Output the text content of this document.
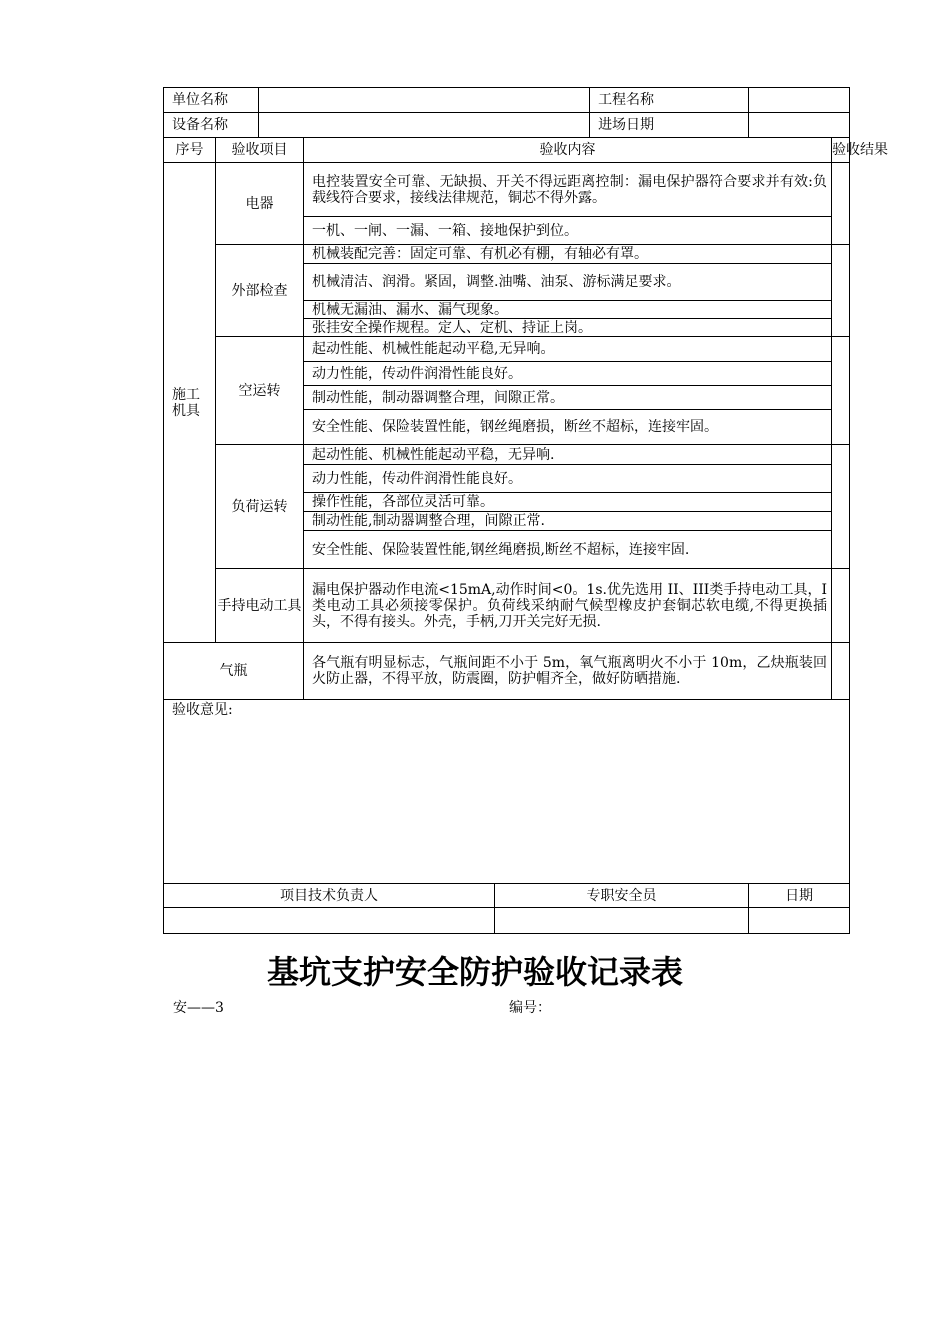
单位名称					工程名称		
设备名称					进场日期		
序号	验收项目		验收内容				验收结果
施工
机具	电器		电控装置安全可靠、无缺损、开关不得远距离控制：漏电保护器符合要求并有效:负载线符合要求，接线法律规范，铜芯不得外露。				
			一机、一闸、一漏、一箱、接地保护到位。				
	外部检查		机械装配完善：固定可靠、有机必有棚，有轴必有罩。				
			机械清洁、润滑。紧固，调整.油嘴、油泵、游标满足要求。				
			机械无漏油、漏水、漏气现象。				
			张挂安全操作规程。定人、定机、持证上岗。				
	空运转		起动性能、机械性能起动平稳,无异响。				
			动力性能，传动件润滑性能良好。				
			制动性能，制动器调整合理，间隙正常。				
			安全性能、保险装置性能，钢丝绳磨损，断丝不超标，连接牢固。				
	负荷运转		起动性能、机械性能起动平稳，无异响.				
			动力性能，传动件润滑性能良好。				
			操作性能，各部位灵活可靠。				
			制动性能,制动器调整合理，间隙正常.				
			安全性能、保险装置性能,钢丝绳磨损,断丝不超标，连接牢固.				
	手持电动工具		漏电保护器动作电流<15mA,动作时间<0。1s.优先选用 II、III类手持电动工具，I 类电动工具必须接零保护。负荷线采纳耐气候型橡皮护套铜芯软电缆,不得更换插头，不得有接头。外壳，手柄,刀开关完好无损.				
气瓶			各气瓶有明显标志，气瓶间距不小于 5m，氧气瓶离明火不小于 10m，乙炔瓶装回火防止器，不得平放，防震圈，防护帽齐全，做好防晒措施.				
验收意见:							
项目技术负责人				专职安全员		日期	

基坑支护安全防护验收记录表
安——3	编号：
